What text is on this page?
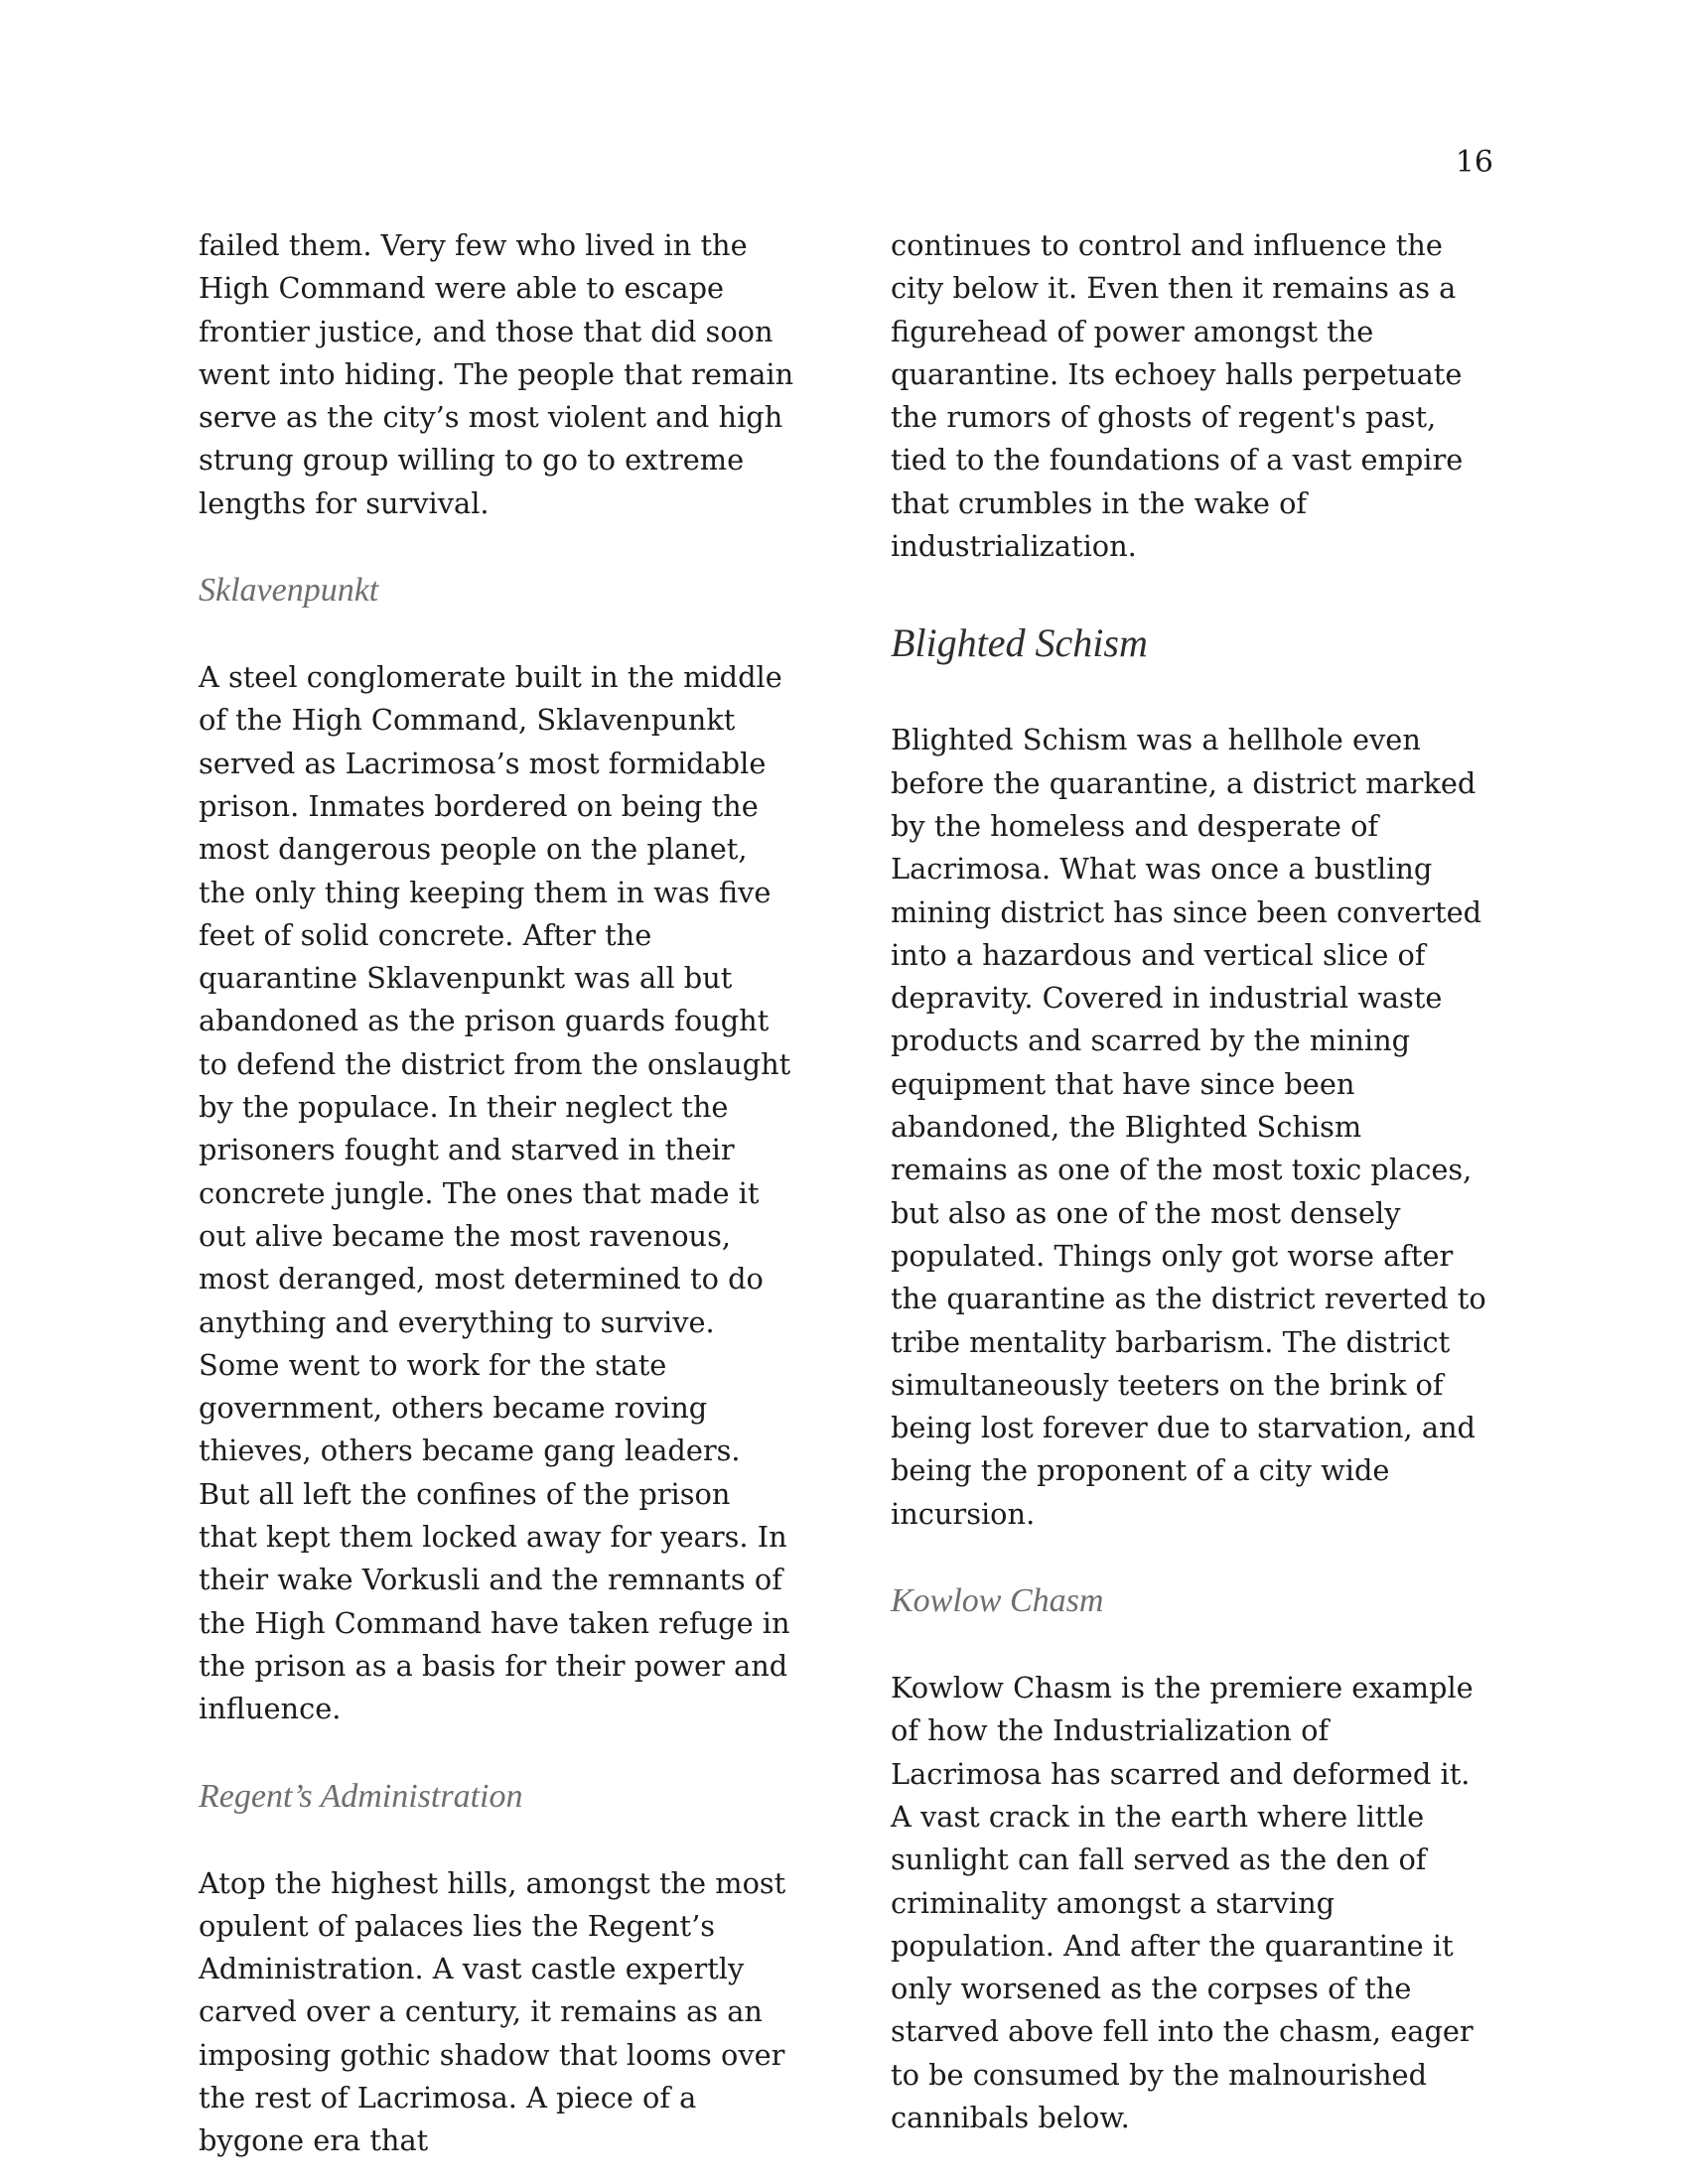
16

failed them. Very few who lived in the High Command were able to escape frontier justice, and those that did soon went into hiding. The people that remain serve as the city’s most violent and high strung group willing to go to extreme lengths for survival.

Sklavenpunkt

A steel conglomerate built in the middle of the High Command, Sklavenpunkt served as Lacrimosa’s most formidable prison. Inmates bordered on being the most dangerous people on the planet, the only thing keeping them in was five feet of solid concrete. After the quarantine Sklavenpunkt was all but abandoned as the prison guards fought to defend the district from the onslaught by the populace. In their neglect the prisoners fought and starved in their concrete jungle. The ones that made it out alive became the most ravenous, most deranged, most determined to do anything and everything to survive. Some went to work for the state government, others became roving thieves, others became gang leaders. But all left the confines of the prison that kept them locked away for years. In their wake Vorkusli and the remnants of the High Command have taken refuge in the prison as a basis for their power and influence.

Regent’s Administration

Atop the highest hills, amongst the most opulent of palaces lies the Regent’s Administration. A vast castle expertly carved over a century, it remains as an imposing gothic shadow that looms over the rest of Lacrimosa. A piece of a bygone era that

continues to control and influence the city below it. Even then it remains as a figurehead of power amongst the quarantine. Its echoey halls perpetuate the rumors of ghosts of regent's past, tied to the foundations of a vast empire that crumbles in the wake of industrialization.

Blighted Schism

Blighted Schism was a hellhole even before the quarantine, a district marked by the homeless and desperate of Lacrimosa. What was once a bustling mining district has since been converted into a hazardous and vertical slice of depravity. Covered in industrial waste products and scarred by the mining equipment that have since been abandoned, the Blighted Schism remains as one of the most toxic places, but also as one of the most densely populated. Things only got worse after the quarantine as the district reverted to tribe mentality barbarism. The district simultaneously teeters on the brink of being lost forever due to starvation, and being the proponent of a city wide incursion.

Kowlow Chasm

Kowlow Chasm is the premiere example of how the Industrialization of Lacrimosa has scarred and deformed it. A vast crack in the earth where little sunlight can fall served as the den of criminality amongst a starving population. And after the quarantine it only worsened as the corpses of the starved above fell into the chasm, eager to be consumed by the malnourished cannibals below.
